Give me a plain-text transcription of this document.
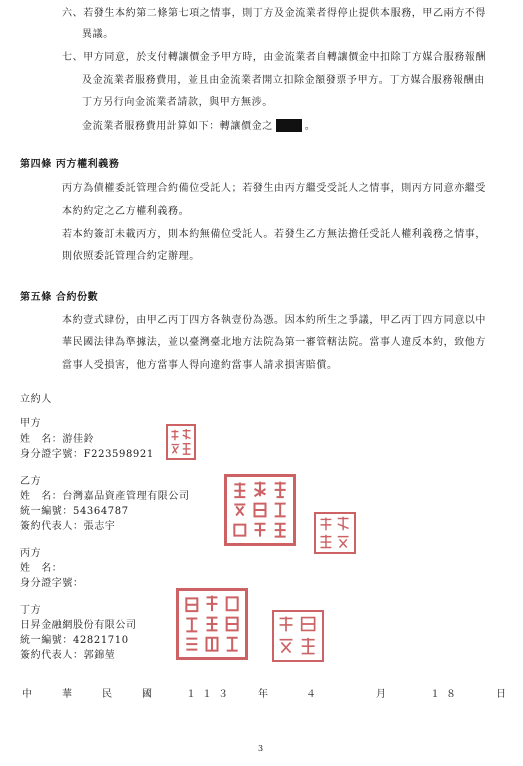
六、若發生本約第二條第七項之情事，則丁方及金流業者得停止提供本服務，甲乙兩方不得
異議。
七、甲方同意，於支付轉讓價金予甲方時，由金流業者自轉讓價金中扣除丁方媒合服務報酬
及金流業者服務費用，並且由金流業者開立扣除金額發票予甲方。丁方媒合服務報酬由
丁方另行向金流業者請款，與甲方無涉。
金流業者服務費用計算如下：轉讓價金之	。
第四條 丙方權利義務
丙方為債權委託管理合約備位受託人；若發生由丙方繼受受託人之情事，則丙方同意亦繼受
本約約定之乙方權利義務。
若本約簽訂未載丙方，則本約無備位受託人。若發生乙方無法擔任受託人權利義務之情事，
則依照委託管理合約定辦理。
第五條 合約份數
本約壹式肆份，由甲乙丙丁四方各執壹份為憑。因本約所生之爭議，甲乙丙丁四方同意以中
華民國法律為準據法，並以臺灣臺北地方法院為第一審管轄法院。當事人違反本約，致他方
當事人受損害，他方當事人得向違約當事人請求損害賠償。
立約人
甲方
姓　名：游佳鈴
身分證字號：F223598921
乙方
姓　名：台灣嘉品資產管理有限公司
統一編號：54364787
簽約代表人：張志宇
丙方
姓　名：
身分證字號：
丁方
日昇金融網股份有限公司
統一編號：42821710
簽約代表人：郭錦堃
中　華　民　國 １１３ 年	４	月	１８	日
3
